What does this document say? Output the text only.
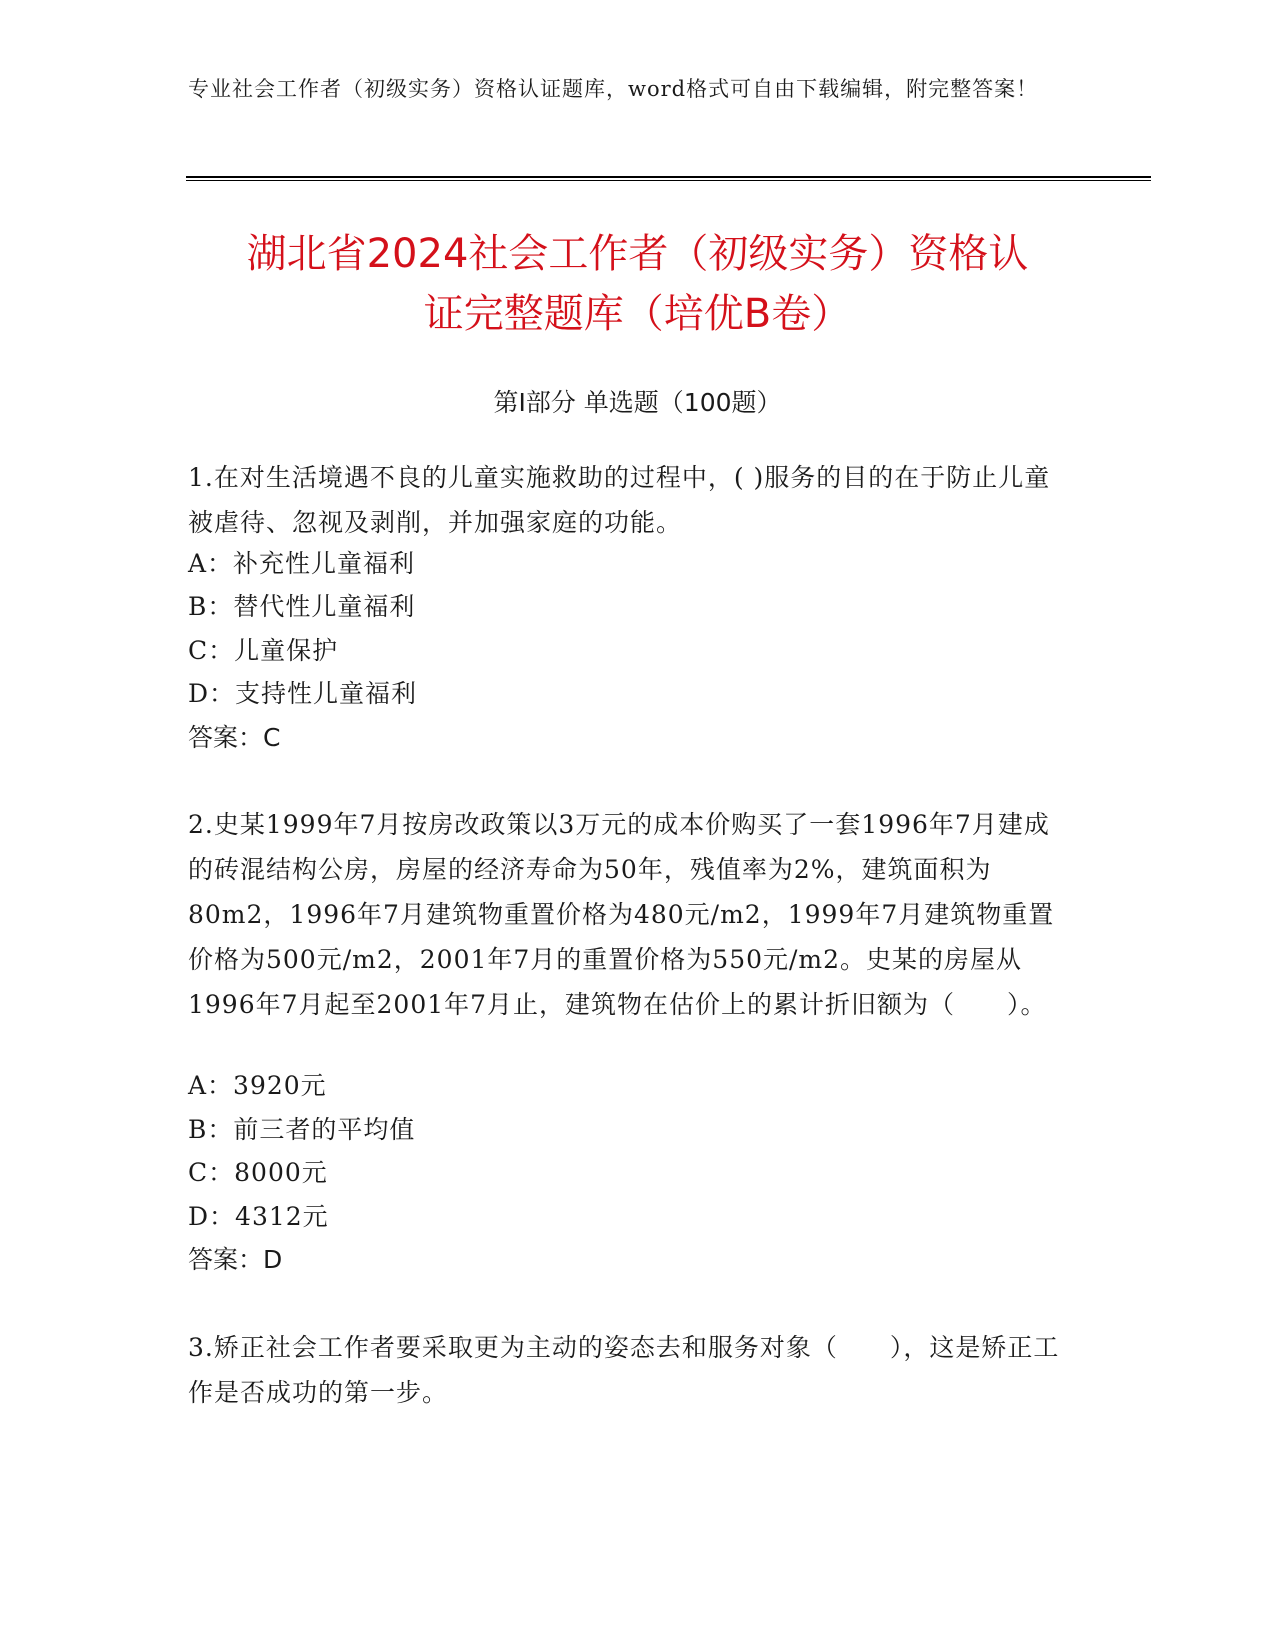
专业社会工作者（初级实务）资格认证题库，word格式可自由下载编辑，附完整答案！
湖北省2024社会工作者（初级实务）资格认
证完整题库（培优B卷）
第I部分 单选题（100题）
1.在对生活境遇不良的儿童实施救助的过程中，( )服务的目的在于防止儿童被虐待、忽视及剥削，并加强家庭的功能。
A：补充性儿童福利
B：替代性儿童福利
C：儿童保护
D：支持性儿童福利
答案：C
2.史某1999年7月按房改政策以3万元的成本价购买了一套1996年7月建成的砖混结构公房，房屋的经济寿命为50年，残值率为2%，建筑面积为80m2，1996年7月建筑物重置价格为480元/m2，1999年7月建筑物重置价格为500元/m2，2001年7月的重置价格为550元/m2。史某的房屋从1996年7月起至2001年7月止，建筑物在估价上的累计折旧额为（　　）。
A：3920元
B：前三者的平均值
C：8000元
D：4312元
答案：D
3.矫正社会工作者要采取更为主动的姿态去和服务对象（　　），这是矫正工作是否成功的第一步。
